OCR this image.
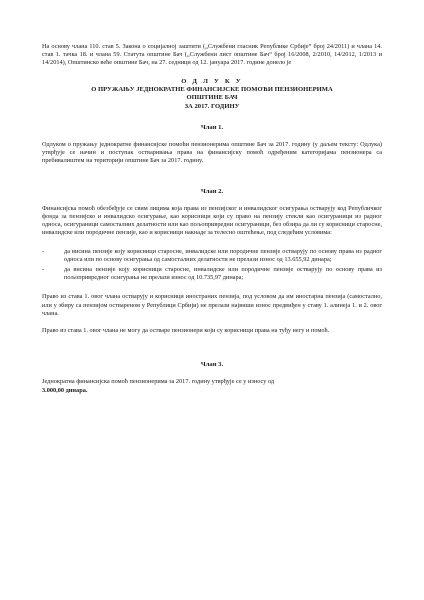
На основу члана 110. став 5. Закона о социјалној заштити („Службени гласник Републике Србије“ број 24/2011) и члана 14. став 1. тачка 18. и члана 59. Статута општине Бач („Службени лист општине Бач“ број 16/2008, 2/2010, 14/2012, 1/2013 и 14/2014), Општинско веће општине Бач, на 27. седници од 12. јануара 2017. године донело је

О Д Л У К У
О ПРУЖАЊУ ЈЕДНОКРАТНЕ ФИНАНСИЈСКЕ ПОМОЋИ ПЕНЗИОНЕРИМА
ОПШТИНЕ БАЧ
ЗА 2017. ГОДИНУ
Члан 1.

Одлуком о пружању једнократне финансијске помоћи пензионерима општине Бач за 2017. годину (у даљем тексту: Одлука) утврђује се начин и поступак остваривања права на финансијску помоћ одређеним категоријама пензионера са пребивалиштем на територији општине Бач за 2017. годину.

Члан 2.

Финансијска помоћ обезбеђује се свим лицима која права из пензијског и инвалидског осигурања остварују код Републичког фонда за пензијско и инвалидско осигурање, као корисници који су право на пензију стекли као осигураници из радног односа, осигураници самосталних делатности или као пољопривредни осигураници, без обзира да ли су корисници старосне, инвалидске или породичне пензије, као и корисници накнаде за телесно оштећење, под следећим условима:

-	да висина пензије коју корисници старосне, инвалидске или породичне пензије остварују по основу права из радног односа или по основу осигурања од самосталних делатности не прелази износ од 13.655,92 динара;
-	да висина пензије коју корисници старосне, инвалидске или породичне пензије остварују по основу права из пољопривредног осигурања не прелази износ од 10.735,97 динара;

Право из става 1. овог члана остварују и корисници иностраних пензија, под условом да им иностарна пензија (самостално, или у збиру са пензијом оствареном у Републици Србији) не прелази највиши износ предвиђен у ставу 1. алинеја 1. и 2. овог члана.

Право из става 1. овог члана не могу да остваре пензионери који су корисници права на туђу негу и помоћ.

Члан 3.

Једнократна финансијска помоћ пензионерима за 2017. годину утврђује се у износу од
3.000,00 динара.
